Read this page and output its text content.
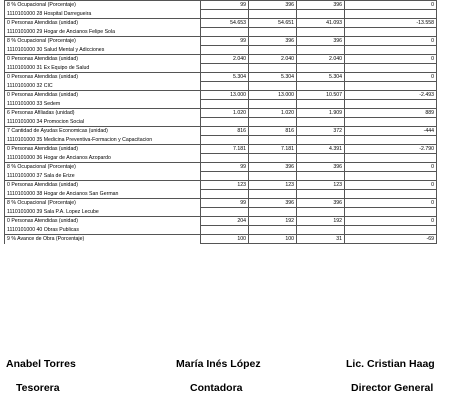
8 % Ocupacional (Porcentaje)	99	396	396	0
1110101000 28 Hospital Darregueira				
0 Personas Atendidas (unidad)	54.653	54.651	41.093	-13.558
1110101000 29 Hogar de Ancianos Felipe Sola				
8 % Ocupacional (Porcentaje)	99	396	396	0
1110101000 30 Salud Mental y Adicciones				
0 Personas Atendidas (unidad)	2.040	2.040	2.040	0
1110101000 31 Ex Equipo de Salud				
0 Personas Atendidas (unidad)	5.304	5.304	5.304	0
1110101000 32 CIC				
0 Personas Atendidas (unidad)	13.000	13.000	10.507	-2.493
1110101000 33 Sedem				
6 Personas Afiliadas (unidad)	1.020	1.020	1.909	889
1110101000 34 Promocion Social				
7 Cantidad de Ayudas Economicas (unidad)	816	816	372	-444
1110101000 35 Medicina Preventiva-Formacion y Capacitacion				
0 Personas Atendidas (unidad)	7.181	7.181	4.391	-2.790
1110101000 36 Hogar de Ancianos Azopardo				
8 % Ocupacional (Porcentaje)	99	396	396	0
1110101000 37 Sala de Erize				
0 Personas Atendidas (unidad)	123	123	123	0
1110101000 38 Hogar de Ancianos San German				
8 % Ocupacional (Porcentaje)	99	396	396	0
1110101000 39 Sala P.A. Lopez Lecube				
0 Personas Atendidas (unidad)	204	192	192	0
1110101000 40 Obras Publicas				
9 % Avance de Obra (Porcentaje)	100	100	31	-69
Anabel Torres	María Inés López	Lic. Cristian Haag
Tesorera	Contadora	Director General
